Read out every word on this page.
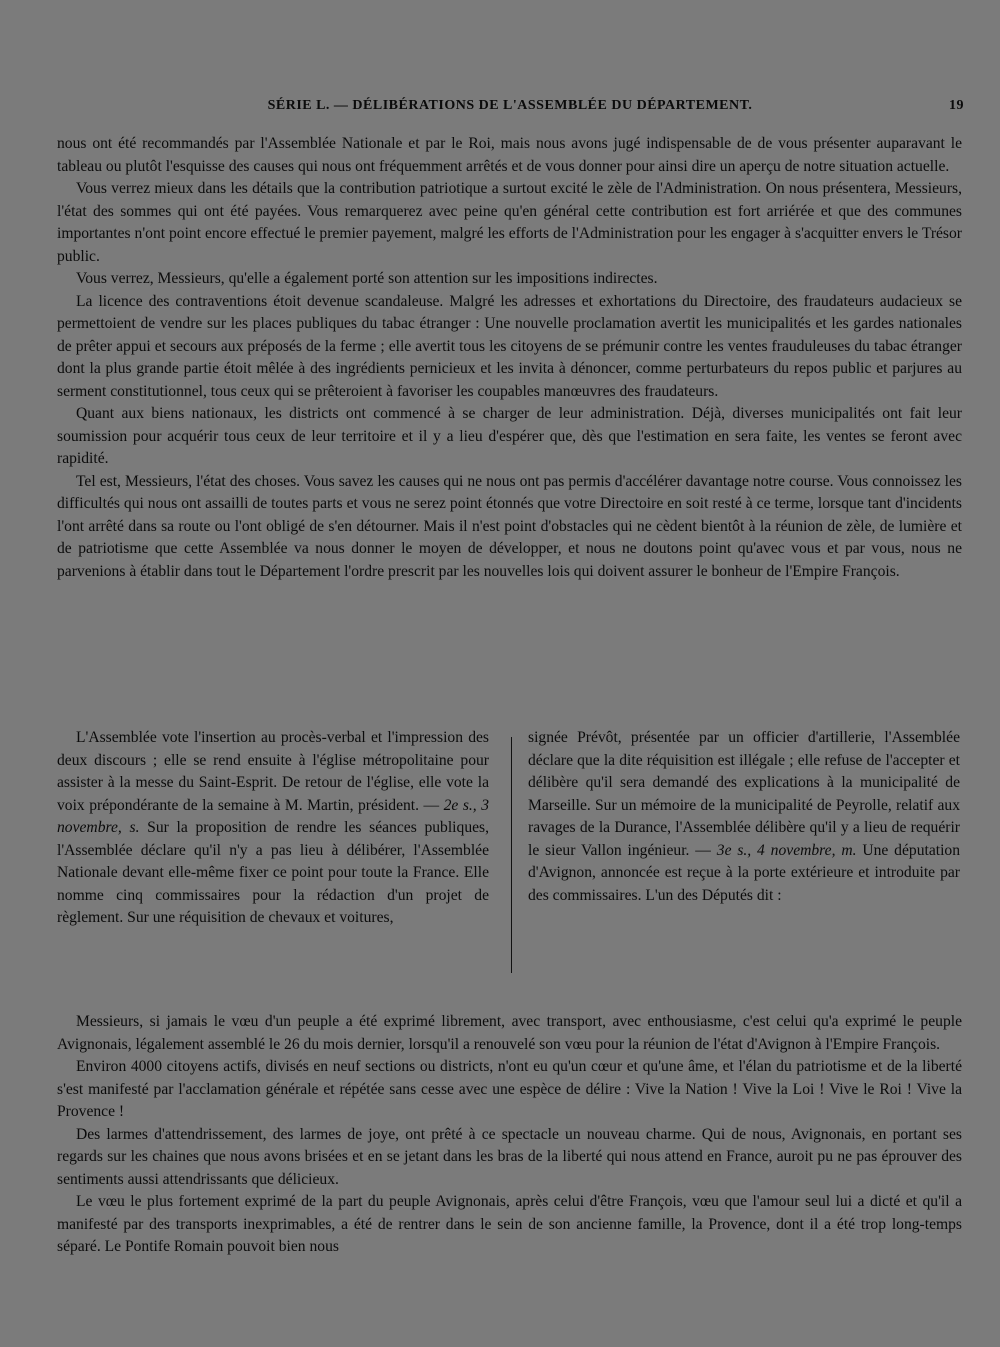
SÉRIE L. — DÉLIBÉRATIONS DE L'ASSEMBLÉE DU DÉPARTEMENT.	19

nous ont été recommandés par l'Assemblée Nationale et par le Roi, mais nous avons jugé indispensable de de vous présenter auparavant le tableau ou plutôt l'esquisse des causes qui nous ont fréquemment arrêtés et de vous donner pour ainsi dire un aperçu de notre situation actuelle.

Vous verrez mieux dans les détails que la contribution patriotique a surtout excité le zèle de l'Administration. On nous présentera, Messieurs, l'état des sommes qui ont été payées. Vous remarquerez avec peine qu'en général cette contribution est fort arriérée et que des communes importantes n'ont point encore effectué le premier payement, malgré les efforts de l'Administration pour les engager à s'acquitter envers le Trésor public.

Vous verrez, Messieurs, qu'elle a également porté son attention sur les impositions indirectes.

La licence des contraventions étoit devenue scandaleuse. Malgré les adresses et exhortations du Directoire, des fraudateurs audacieux se permettoient de vendre sur les places publiques du tabac étranger : Une nouvelle proclamation avertit les municipalités et les gardes nationales de prêter appui et secours aux préposés de la ferme ; elle avertit tous les citoyens de se prémunir contre les ventes frauduleuses du tabac étranger dont la plus grande partie étoit mêlée à des ingrédients pernicieux et les invita à dénoncer, comme perturbateurs du repos public et parjures au serment constitutionnel, tous ceux qui se prêteroient à favoriser les coupables manœuvres des fraudateurs.

Quant aux biens nationaux, les districts ont commencé à se charger de leur administration. Déjà, diverses municipalités ont fait leur soumission pour acquérir tous ceux de leur territoire et il y a lieu d'espérer que, dès que l'estimation en sera faite, les ventes se feront avec rapidité.

Tel est, Messieurs, l'état des choses. Vous savez les causes qui ne nous ont pas permis d'accélérer davantage notre course. Vous connoissez les difficultés qui nous ont assailli de toutes parts et vous ne serez point étonnés que votre Directoire en soit resté à ce terme, lorsque tant d'incidents l'ont arrêté dans sa route ou l'ont obligé de s'en détourner. Mais il n'est point d'obstacles qui ne cèdent bientôt à la réunion de zèle, de lumière et de patriotisme que cette Assemblée va nous donner le moyen de développer, et nous ne doutons point qu'avec vous et par vous, nous ne parvenions à établir dans tout le Département l'ordre prescrit par les nouvelles lois qui doivent assurer le bonheur de l'Empire François.

L'Assemblée vote l'insertion au procès-verbal et l'impression des deux discours ; elle se rend ensuite à l'église métropolitaine pour assister à la messe du Saint-Esprit. De retour de l'église, elle vote la voix prépondérante de la semaine à M. Martin, président. — 2e s., 3 novembre, s. Sur la proposition de rendre les séances publiques, l'Assemblée déclare qu'il n'y a pas lieu à délibérer, l'Assemblée Nationale devant elle-même fixer ce point pour toute la France. Elle nomme cinq commissaires pour la rédaction d'un projet de règlement. Sur une réquisition de chevaux et voitures,

signée Prévôt, présentée par un officier d'artillerie, l'Assemblée déclare que la dite réquisition est illégale ; elle refuse de l'accepter et délibère qu'il sera demandé des explications à la municipalité de Marseille. Sur un mémoire de la municipalité de Peyrolle, relatif aux ravages de la Durance, l'Assemblée délibère qu'il y a lieu de requérir le sieur Vallon ingénieur. — 3e s., 4 novembre, m. Une députation d'Avignon, annoncée est reçue à la porte extérieure et introduite par des commissaires. L'un des Députés dit :

Messieurs, si jamais le vœu d'un peuple a été exprimé librement, avec transport, avec enthousiasme, c'est celui qu'a exprimé le peuple Avignonais, légalement assemblé le 26 du mois dernier, lorsqu'il a renouvelé son vœu pour la réunion de l'état d'Avignon à l'Empire François.

Environ 4000 citoyens actifs, divisés en neuf sections ou districts, n'ont eu qu'un cœur et qu'une âme, et l'élan du patriotisme et de la liberté s'est manifesté par l'acclamation générale et répétée sans cesse avec une espèce de délire : Vive la Nation ! Vive la Loi ! Vive le Roi ! Vive la Provence !

Des larmes d'attendrissement, des larmes de joye, ont prêté à ce spectacle un nouveau charme. Qui de nous, Avignonais, en portant ses regards sur les chaines que nous avons brisées et en se jetant dans les bras de la liberté qui nous attend en France, auroit pu ne pas éprouver des sentiments aussi attendrissants que délicieux.

Le vœu le plus fortement exprimé de la part du peuple Avignonais, après celui d'être François, vœu que l'amour seul lui a dicté et qu'il a manifesté par des transports inexprimables, a été de rentrer dans le sein de son ancienne famille, la Provence, dont il a été trop long-temps séparé. Le Pontife Romain pouvoit bien nous
